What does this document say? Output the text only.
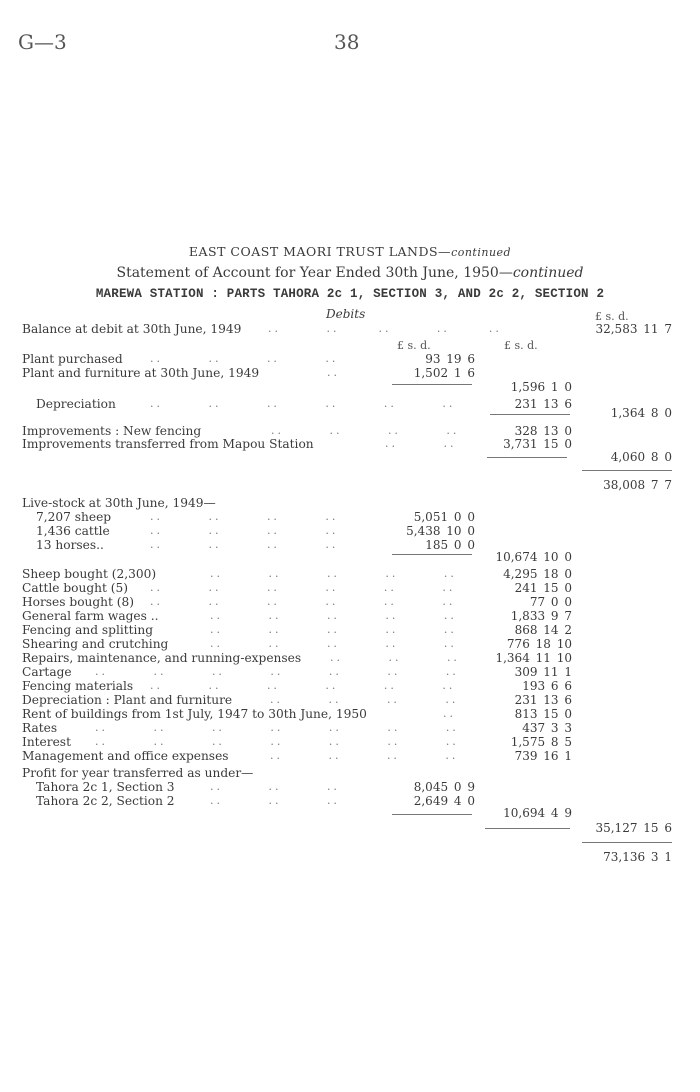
G—3	38
EAST COAST MAORI TRUST LANDS—continued
Statement of Account for Year Ended 30th June, 1950—continued
MAREWA STATION : PARTS TAHORA 2c 1, SECTION 3, AND 2c 2, SECTION 2
Debits
£ s. d.	£ s. d.
£ s. d.
Balance at debit at 30th June, 1949 ..       ..      ..       ..      ..	32,583 11 7
Plant purchased ..       ..       ..       ..	93 19 6
Plant and furniture at 30th June, 1949	..	1,502 1 6
1,596 1 0
Depreciation	..       ..       ..       ..       ..       ..	231 13 6
1,364 8 0
Improvements : New fencing	..       ..       ..       ..	328 13 0
Improvements transferred from Mapou Station	..       ..	3,731 15 0
4,060 8 0
38,008 7 7
Live-stock at 30th June, 1949—
7,207 sheep	..       ..       ..       ..	5,051 0 0
1,436 cattle	..       ..       ..       ..	5,438 10 0
13 horses..	..       ..       ..       ..	185 0 0
10,674 10 0
Sheep bought (2,300)	..       ..       ..       ..       ..	4,295 18 0
Cattle bought (5) ..       ..       ..       ..       ..       ..	241 15 0
Horses bought (8) ..       ..       ..       ..       ..       ..	77 0 0
General farm wages ..	..       ..       ..       ..       ..	1,833 9 7
Fencing and splitting	..       ..       ..       ..       ..	868 14 2
Shearing and crutching	..       ..       ..       ..       ..	776 18 10
Repairs, maintenance, and running-expenses	..       ..       ..	1,364 11 10
Cartage ..       ..       ..       ..       ..       ..       ..	309 11 1
Fencing materials ..       ..       ..       ..       ..       ..	193 6 6
Depreciation : Plant and furniture	..       ..       ..       ..	231 13 6
Rent of buildings from 1st July, 1947 to 30th June, 1950	..	813 15 0
Rates	..       ..       ..       ..       ..       ..       ..	437 3 3
Interest ..       ..       ..       ..       ..       ..       ..	1,575 8 5
Management and office expenses	..       ..       ..       ..	739 16 1
Profit for year transferred as under—
Tahora 2c 1, Section 3	..       ..       ..	8,045 0 9
Tahora 2c 2, Section 2	..       ..       ..	2,649 4 0
10,694 4 9
35,127 15 6
73,136 3 1
